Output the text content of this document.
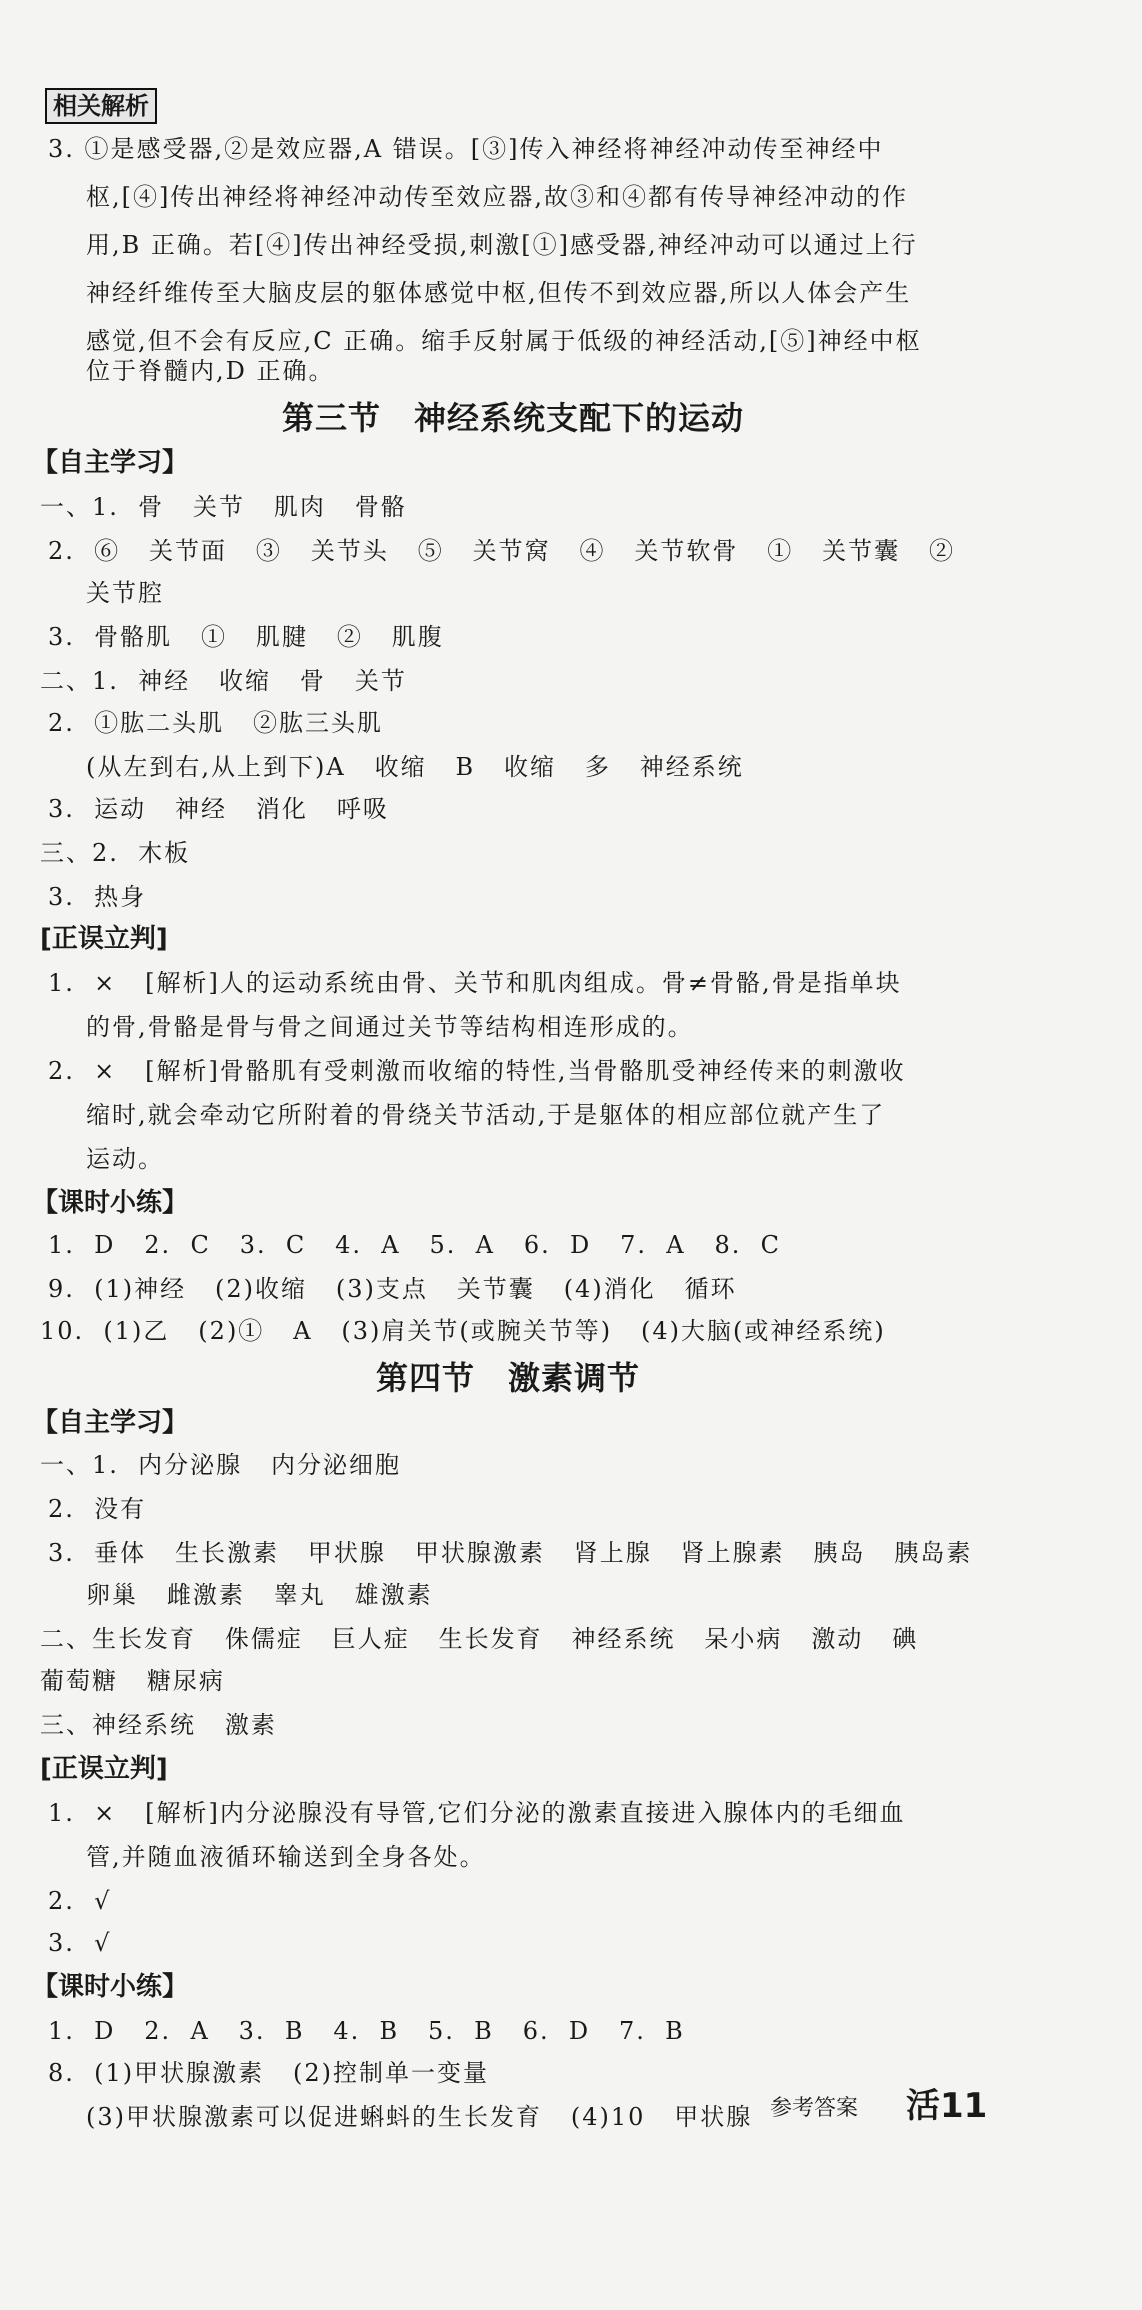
相关解析
3. ①是感受器,②是效应器,A 错误。[③]传入神经将神经冲动传至神经中
枢,[④]传出神经将神经冲动传至效应器,故③和④都有传导神经冲动的作
用,B 正确。若[④]传出神经受损,刺激[①]感受器,神经冲动可以通过上行
神经纤维传至大脑皮层的躯体感觉中枢,但传不到效应器,所以人体会产生
感觉,但不会有反应,C 正确。缩手反射属于低级的神经活动,[⑤]神经中枢
位于脊髓内,D 正确。
第三节　神经系统支配下的运动
【自主学习】
一、1.  骨   关节   肌肉   骨骼
2.  ⑥   关节面   ③   关节头   ⑤   关节窝   ④   关节软骨   ①   关节囊   ②
关节腔
3.  骨骼肌   ①   肌腱   ②   肌腹
二、1.  神经   收缩   骨   关节
2.  ①肱二头肌   ②肱三头肌
(从左到右,从上到下)A   收缩   B   收缩   多   神经系统
3.  运动   神经   消化   呼吸
三、2.  木板
3.  热身
[正误立判]
1.  ×   [解析]人的运动系统由骨、关节和肌肉组成。骨≠骨骼,骨是指单块
的骨,骨骼是骨与骨之间通过关节等结构相连形成的。
2.  ×   [解析]骨骼肌有受刺激而收缩的特性,当骨骼肌受神经传来的刺激收
缩时,就会牵动它所附着的骨绕关节活动,于是躯体的相应部位就产生了
运动。
【课时小练】
1.  D   2.  C   3.  C   4.  A   5.  A   6.  D   7.  A   8.  C
9.  (1)神经   (2)收缩   (3)支点   关节囊   (4)消化   循环
10.  (1)乙   (2)①   A   (3)肩关节(或腕关节等)   (4)大脑(或神经系统)
第四节　激素调节
【自主学习】
一、1.  内分泌腺   内分泌细胞
2.  没有
3.  垂体   生长激素   甲状腺   甲状腺激素   肾上腺   肾上腺素   胰岛   胰岛素
卵巢   雌激素   睾丸   雄激素
二、生长发育   侏儒症   巨人症   生长发育   神经系统   呆小病   激动   碘
葡萄糖   糖尿病
三、神经系统   激素
[正误立判]
1.  ×   [解析]内分泌腺没有导管,它们分泌的激素直接进入腺体内的毛细血
管,并随血液循环输送到全身各处。
2.  √
3.  √
【课时小练】
1.  D   2.  A   3.  B   4.  B   5.  B   6.  D   7.  B
8.  (1)甲状腺激素   (2)控制单一变量
(3)甲状腺激素可以促进蝌蚪的生长发育   (4)10   甲状腺 参考答案 活11
